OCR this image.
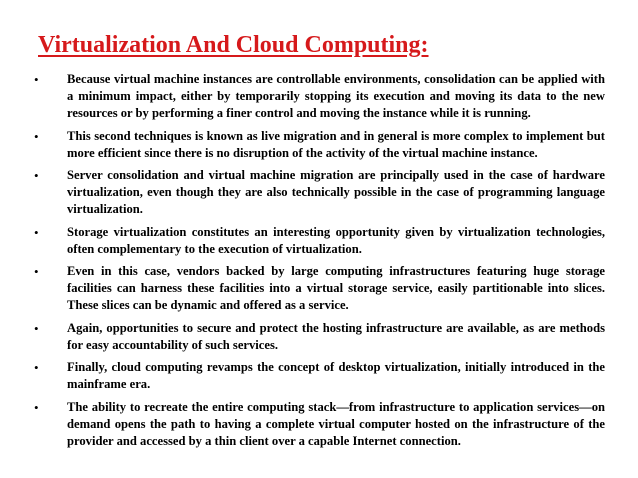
Virtualization And Cloud Computing:
• Because virtual machine instances are controllable environments, consolidation can be applied with a minimum impact, either by temporarily stopping its execution and moving its data to the new resources or by performing a finer control and moving the instance while it is running.
• This second techniques is known as live migration and in general is more complex to implement but more efficient since there is no disruption of the activity of the virtual machine instance.
• Server consolidation and virtual machine migration are principally used in the case of hardware virtualization, even though they are also technically possible in the case of programming language virtualization.
• Storage virtualization constitutes an interesting opportunity given by virtualization technologies, often complementary to the execution of virtualization.
• Even in this case, vendors backed by large computing infrastructures featuring huge storage facilities can harness these facilities into a virtual storage service, easily partitionable into slices. These slices can be dynamic and offered as a service.
• Again, opportunities to secure and protect the hosting infrastructure are available, as are methods for easy accountability of such services.
• Finally, cloud computing revamps the concept of desktop virtualization, initially introduced in the mainframe era.
• The ability to recreate the entire computing stack—from infrastructure to application services—on demand opens the path to having a complete virtual computer hosted on the infrastructure of the provider and accessed by a thin client over a capable Internet connection.
